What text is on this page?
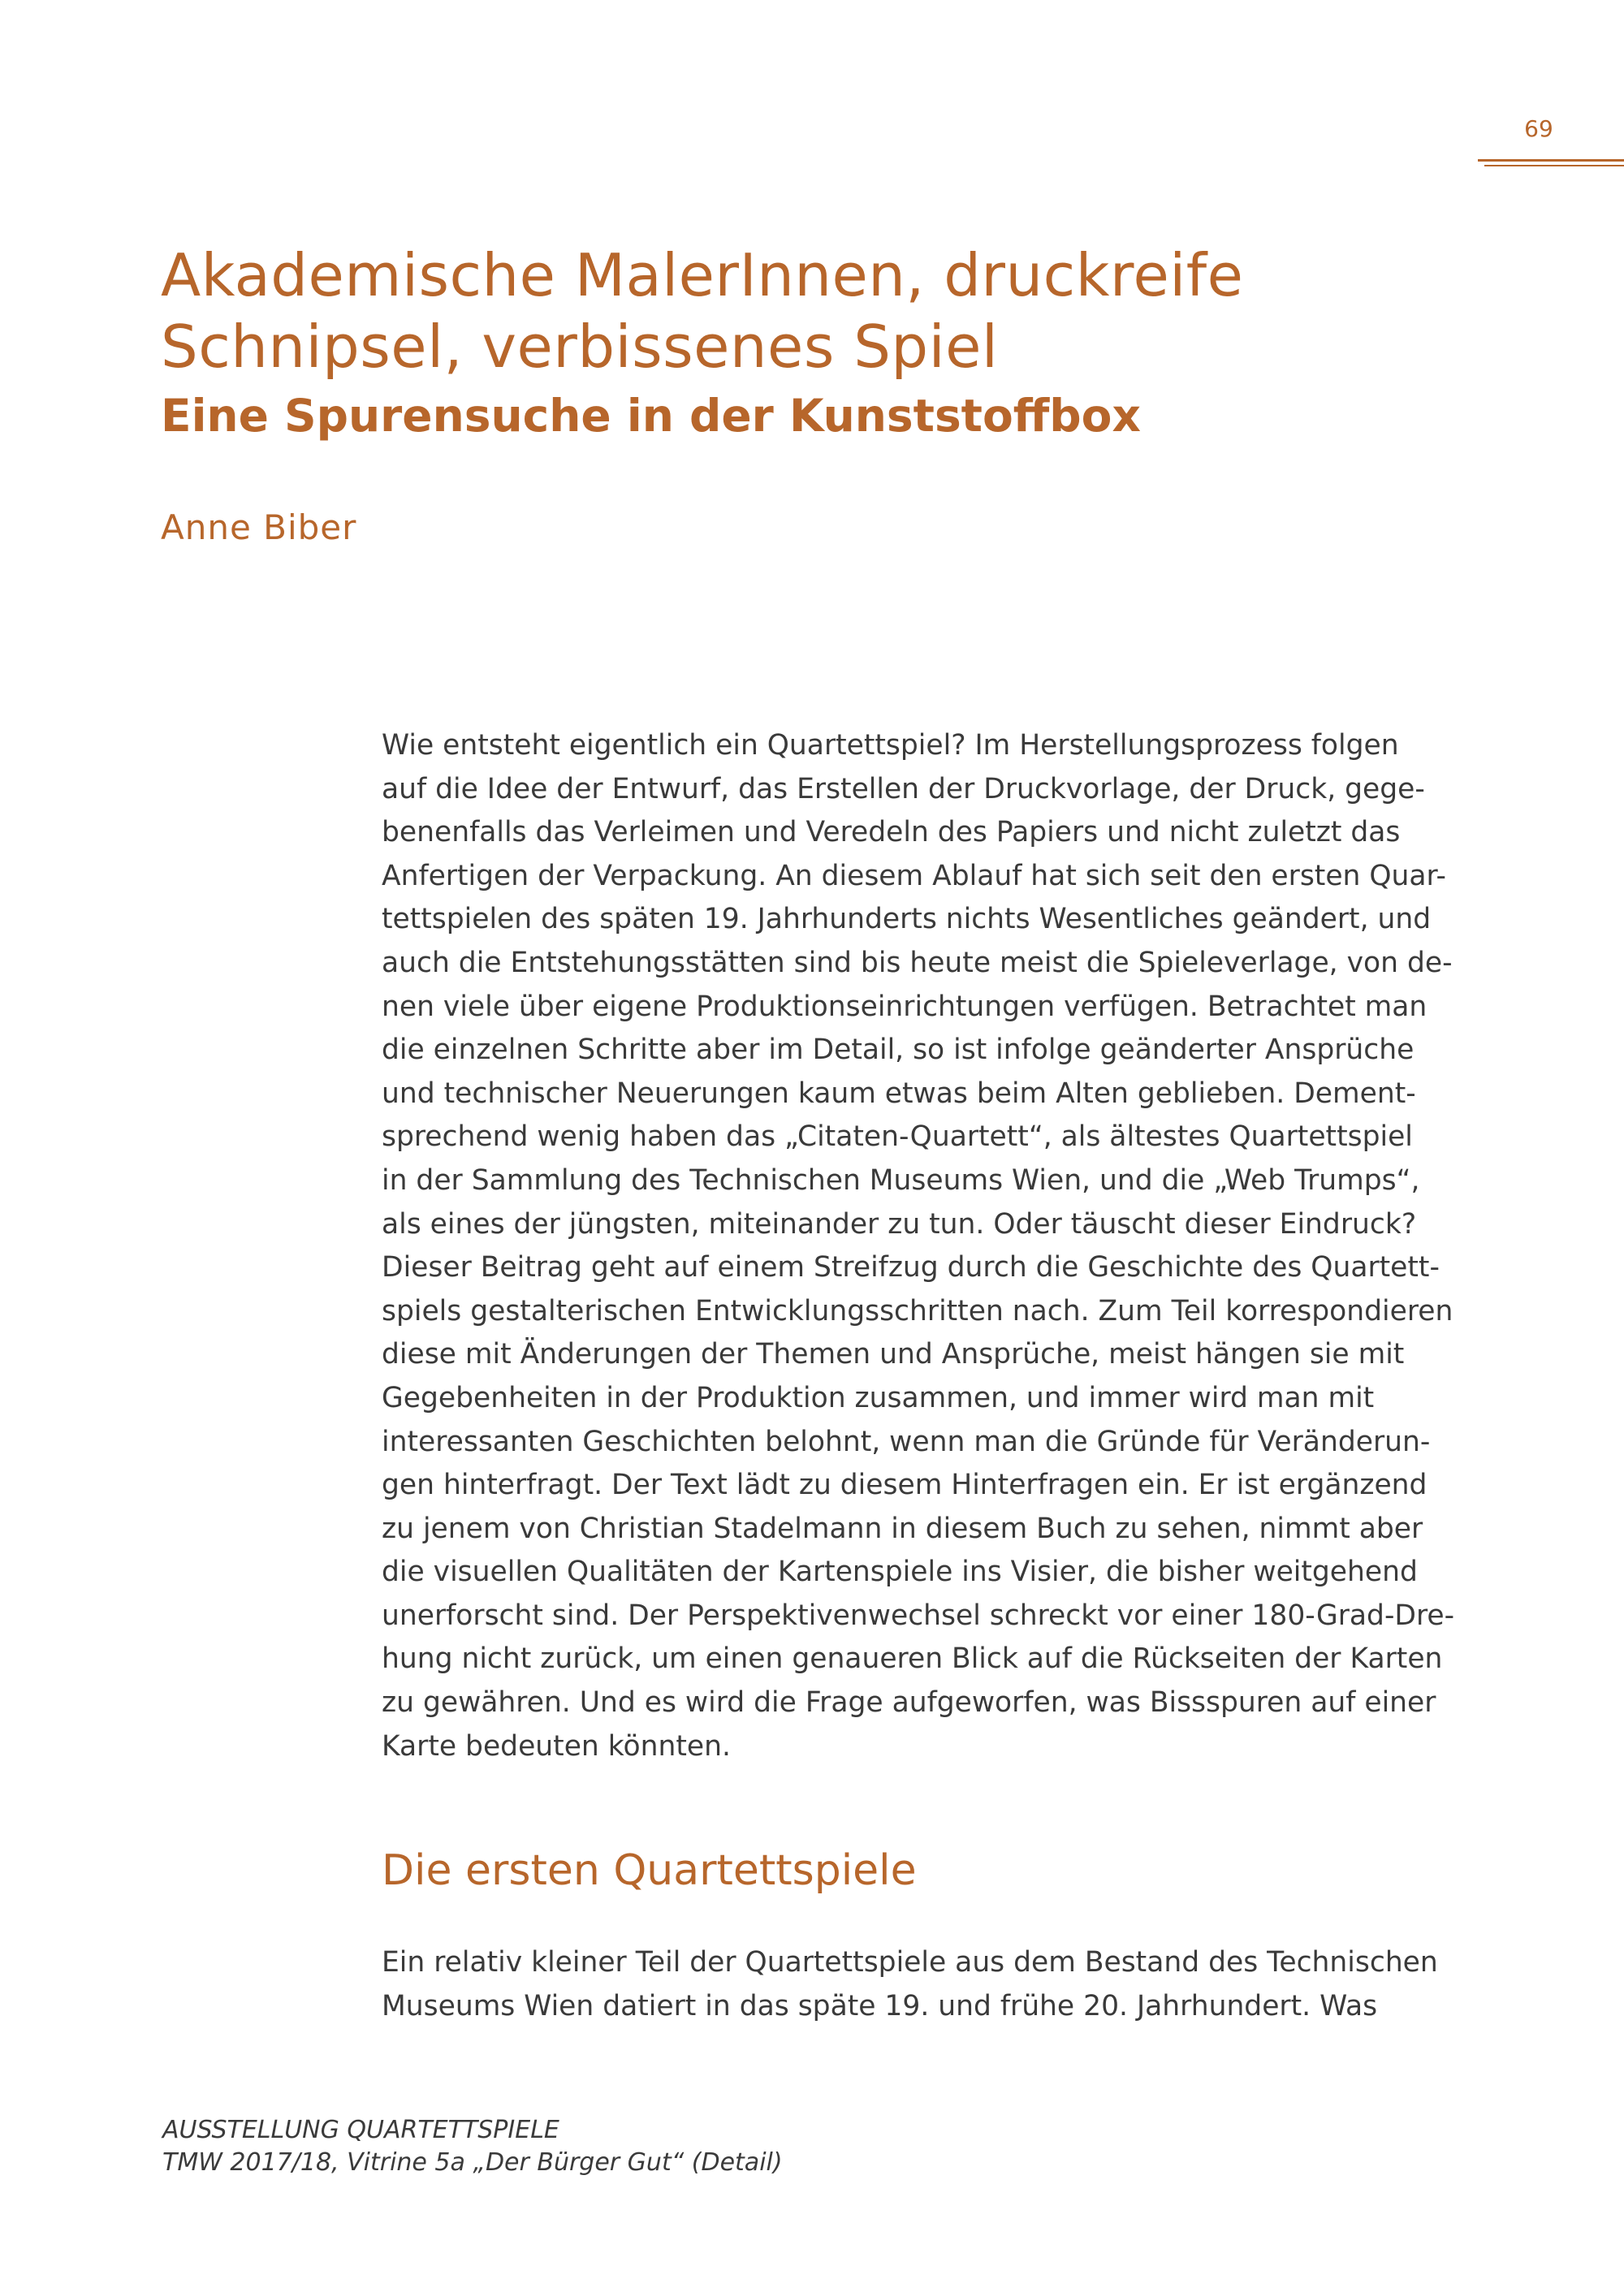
69
Akademische MalerInnen, druckreife
Schnipsel, verbissenes Spiel
Eine Spurensuche in der Kunststoffbox

Anne Biber

Wie entsteht eigentlich ein Quartettspiel? Im Herstellungsprozess folgen
auf die Idee der Entwurf, das Erstellen der Druckvorlage, der Druck, gege-
benenfalls das Verleimen und Veredeln des Papiers und nicht zuletzt das
Anfertigen der Verpackung. An diesem Ablauf hat sich seit den ersten Quar-
tettspielen des späten 19. Jahrhunderts nichts Wesentliches geändert, und
auch die Entstehungsstätten sind bis heute meist die Spieleverlage, von de-
nen viele über eigene Produktionseinrichtungen verfügen. Betrachtet man
die einzelnen Schritte aber im Detail, so ist infolge geänderter Ansprüche
und technischer Neuerungen kaum etwas beim Alten geblieben. Dement-
sprechend wenig haben das „Citaten-Quartett“, als ältestes Quartettspiel
in der Sammlung des Technischen Museums Wien, und die „Web Trumps“,
als eines der jüngsten, miteinander zu tun. Oder täuscht dieser Eindruck?
Dieser Beitrag geht auf einem Streifzug durch die Geschichte des Quartett-
spiels gestalterischen Entwicklungsschritten nach. Zum Teil korrespondieren
diese mit Änderungen der Themen und Ansprüche, meist hängen sie mit
Gegebenheiten in der Produktion zusammen, und immer wird man mit
interessanten Geschichten belohnt, wenn man die Gründe für Veränderun-
gen hinterfragt. Der Text lädt zu diesem Hinterfragen ein. Er ist ergänzend
zu jenem von Christian Stadelmann in diesem Buch zu sehen, nimmt aber
die visuellen Qualitäten der Kartenspiele ins Visier, die bisher weitgehend
unerforscht sind. Der Perspektivenwechsel schreckt vor einer 180-Grad-Dre-
hung nicht zurück, um einen genaueren Blick auf die Rückseiten der Karten
zu gewähren. Und es wird die Frage aufgeworfen, was Bissspuren auf einer
Karte bedeuten könnten.
Die ersten Quartettspiele
Ein relativ kleiner Teil der Quartettspiele aus dem Bestand des Technischen
Museums Wien datiert in das späte 19. und frühe 20. Jahrhundert. Was
AUSSTELLUNG QUARTETTSPIELE
TMW 2017/18, Vitrine 5a „Der Bürger Gut“ (Detail)
